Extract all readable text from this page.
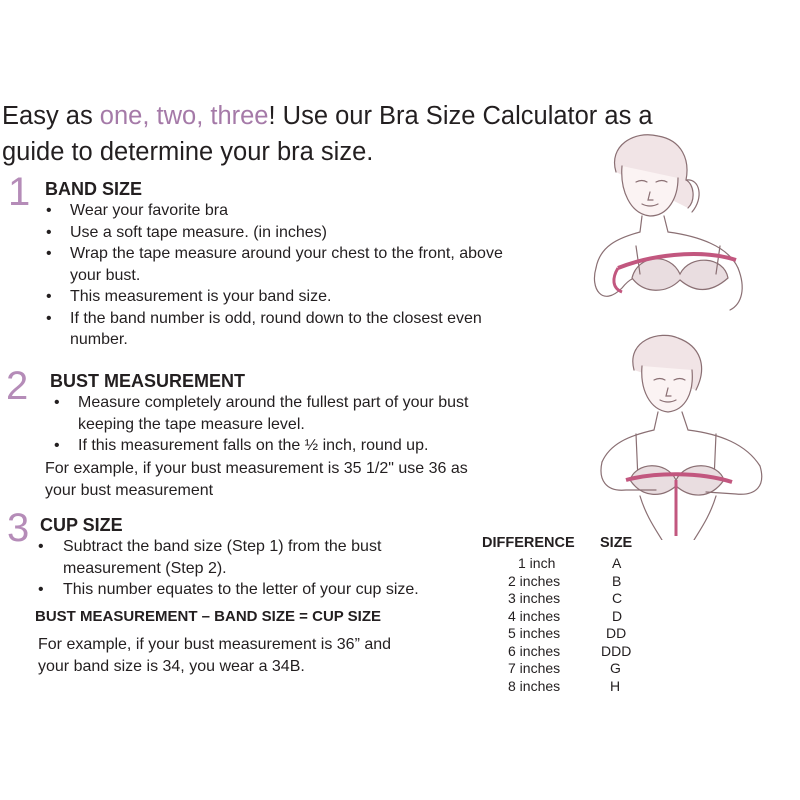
Easy as one, two, three! Use our Bra Size Calculator as a guide to determine your bra size.
1 BAND SIZE
• Wear your favorite bra
• Use a soft tape measure. (in inches)
• Wrap the tape measure around your chest to the front, above your bust.
• This measurement is your band size.
• If the band number is odd, round down to the closest even number.
2 BUST MEASUREMENT
• Measure completely around the fullest part of your bust keeping the tape measure level.
• If this measurement falls on the ½ inch, round up.
For example, if your bust measurement is 35 1/2" use 36 as your bust measurement
3 CUP SIZE
• Subtract the band size (Step 1) from the bust measurement (Step 2).
• This number equates to the letter of your cup size.
BUST MEASUREMENT – BAND SIZE = CUP SIZE
For example, if your bust measurement is 36” and your band size is 34, you wear a 34B.
DIFFERENCE	SIZE
1 inch	A
2 inches	B
3 inches	C
4 inches	D
5 inches	DD
6 inches	DDD
7 inches	G
8 inches	H
